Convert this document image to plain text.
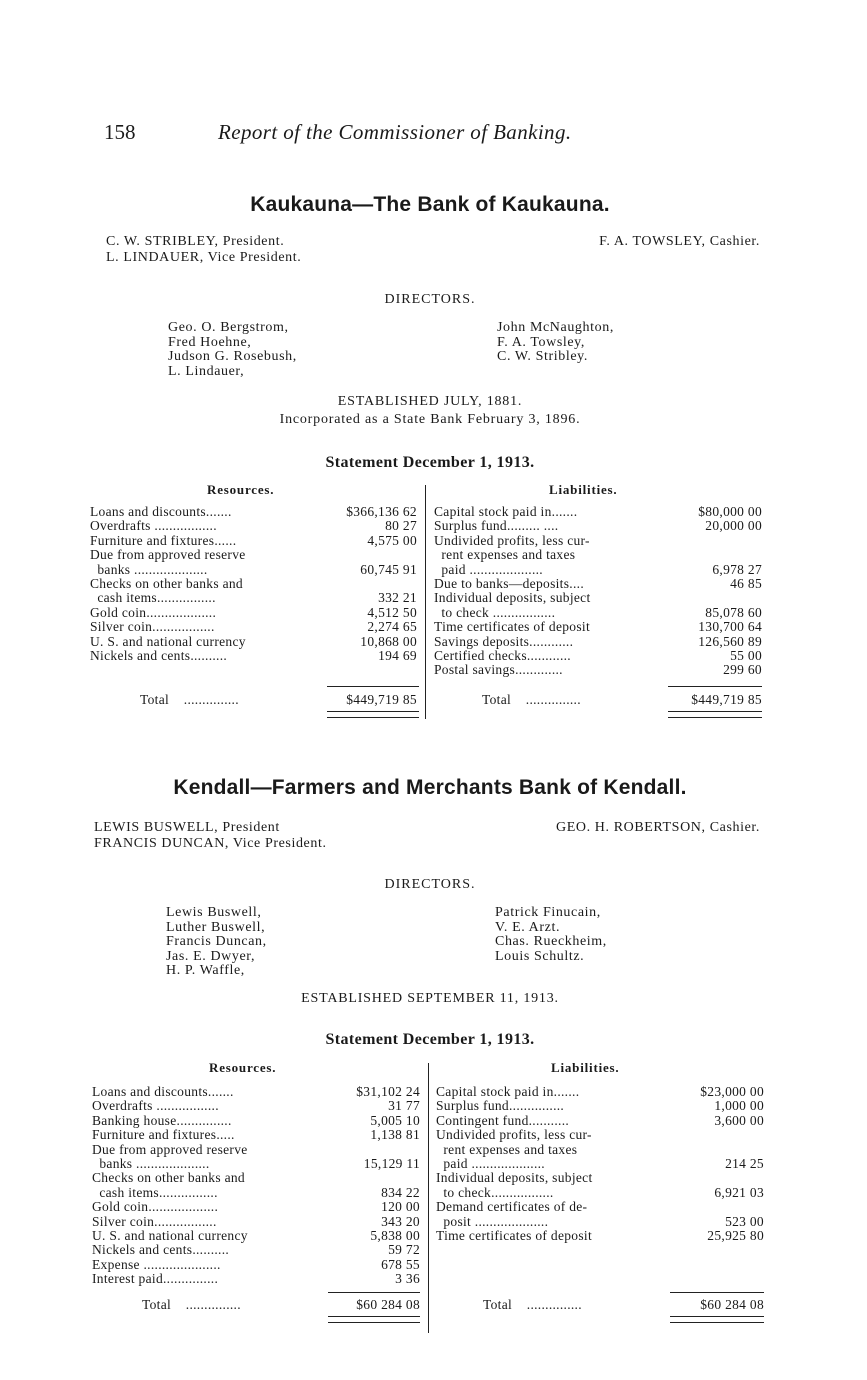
158	Report of the Commissioner of Banking.
Kaukauna—The Bank of Kaukauna.
C. W. STRIBLEY, President.
L. LINDAUER, Vice President.
F. A. TOWSLEY, Cashier.
DIRECTORS.
Geo. O. Bergstrom,
Fred Hoehne,
Judson G. Rosebush,
L. Lindauer,
John McNaughton,
F. A. Towsley,
C. W. Stribley.
ESTABLISHED JULY, 1881.
Incorporated as a State Bank February 3, 1896.
Statement December 1, 1913.
Resources.	Liabilities.
Loans and discounts.......	$366,136 62
Overdrafts .................	80 27
Furniture and fixtures......	4,575 00
Due from approved reserve
banks ....................	60,745 91
Checks on other banks and
cash items................	332 21
Gold coin...................	4,512 50
Silver coin.................	2,274 65
U. S. and national currency	10,868 00
Nickels and cents..........	194 69
Capital stock paid in.......	$80,000 00
Surplus fund......... ....	20,000 00
Undivided profits, less cur-
rent expenses and taxes
paid ....................	6,978 27
Due to banks—deposits....	46 85
Individual deposits, subject
to check .................	85,078 60
Time certificates of deposit	130,700 64
Savings deposits............	126,560 89
Certified checks............	55 00
Postal savings.............	299 60
Total ...............	$449,719 85	Total ...............	$449,719 85
Kendall—Farmers and Merchants Bank of Kendall.
LEWIS BUSWELL, President
FRANCIS DUNCAN, Vice President.
GEO. H. ROBERTSON, Cashier.
DIRECTORS.
Lewis Buswell,
Luther Buswell,
Francis Duncan,
Jas. E. Dwyer,
H. P. Waffle,
Patrick Finucain,
V. E. Arzt.
Chas. Rueckheim,
Louis Schultz.
ESTABLISHED SEPTEMBER 11, 1913.
Statement December 1, 1913.
Resources.	Liabilities.
Loans and discounts.......	$31,102 24
Overdrafts .................	31 77
Banking house...............	5,005 10
Furniture and fixtures.....	1,138 81
Due from approved reserve
banks ....................	15,129 11
Checks on other banks and
cash items................	834 22
Gold coin...................	120 00
Silver coin.................	343 20
U. S. and national currency	5,838 00
Nickels and cents..........	59 72
Expense .....................	678 55
Interest paid...............	3 36
Capital stock paid in.......	$23,000 00
Surplus fund...............	1,000 00
Contingent fund...........	3,600 00
Undivided profits, less cur-
rent expenses and taxes
paid ....................	214 25
Individual deposits, subject
to check.................	6,921 03
Demand certificates of de-
posit ....................	523 00
Time certificates of deposit	25,925 80
Total ...............	$60 284 08	Total ...............	$60 284 08
